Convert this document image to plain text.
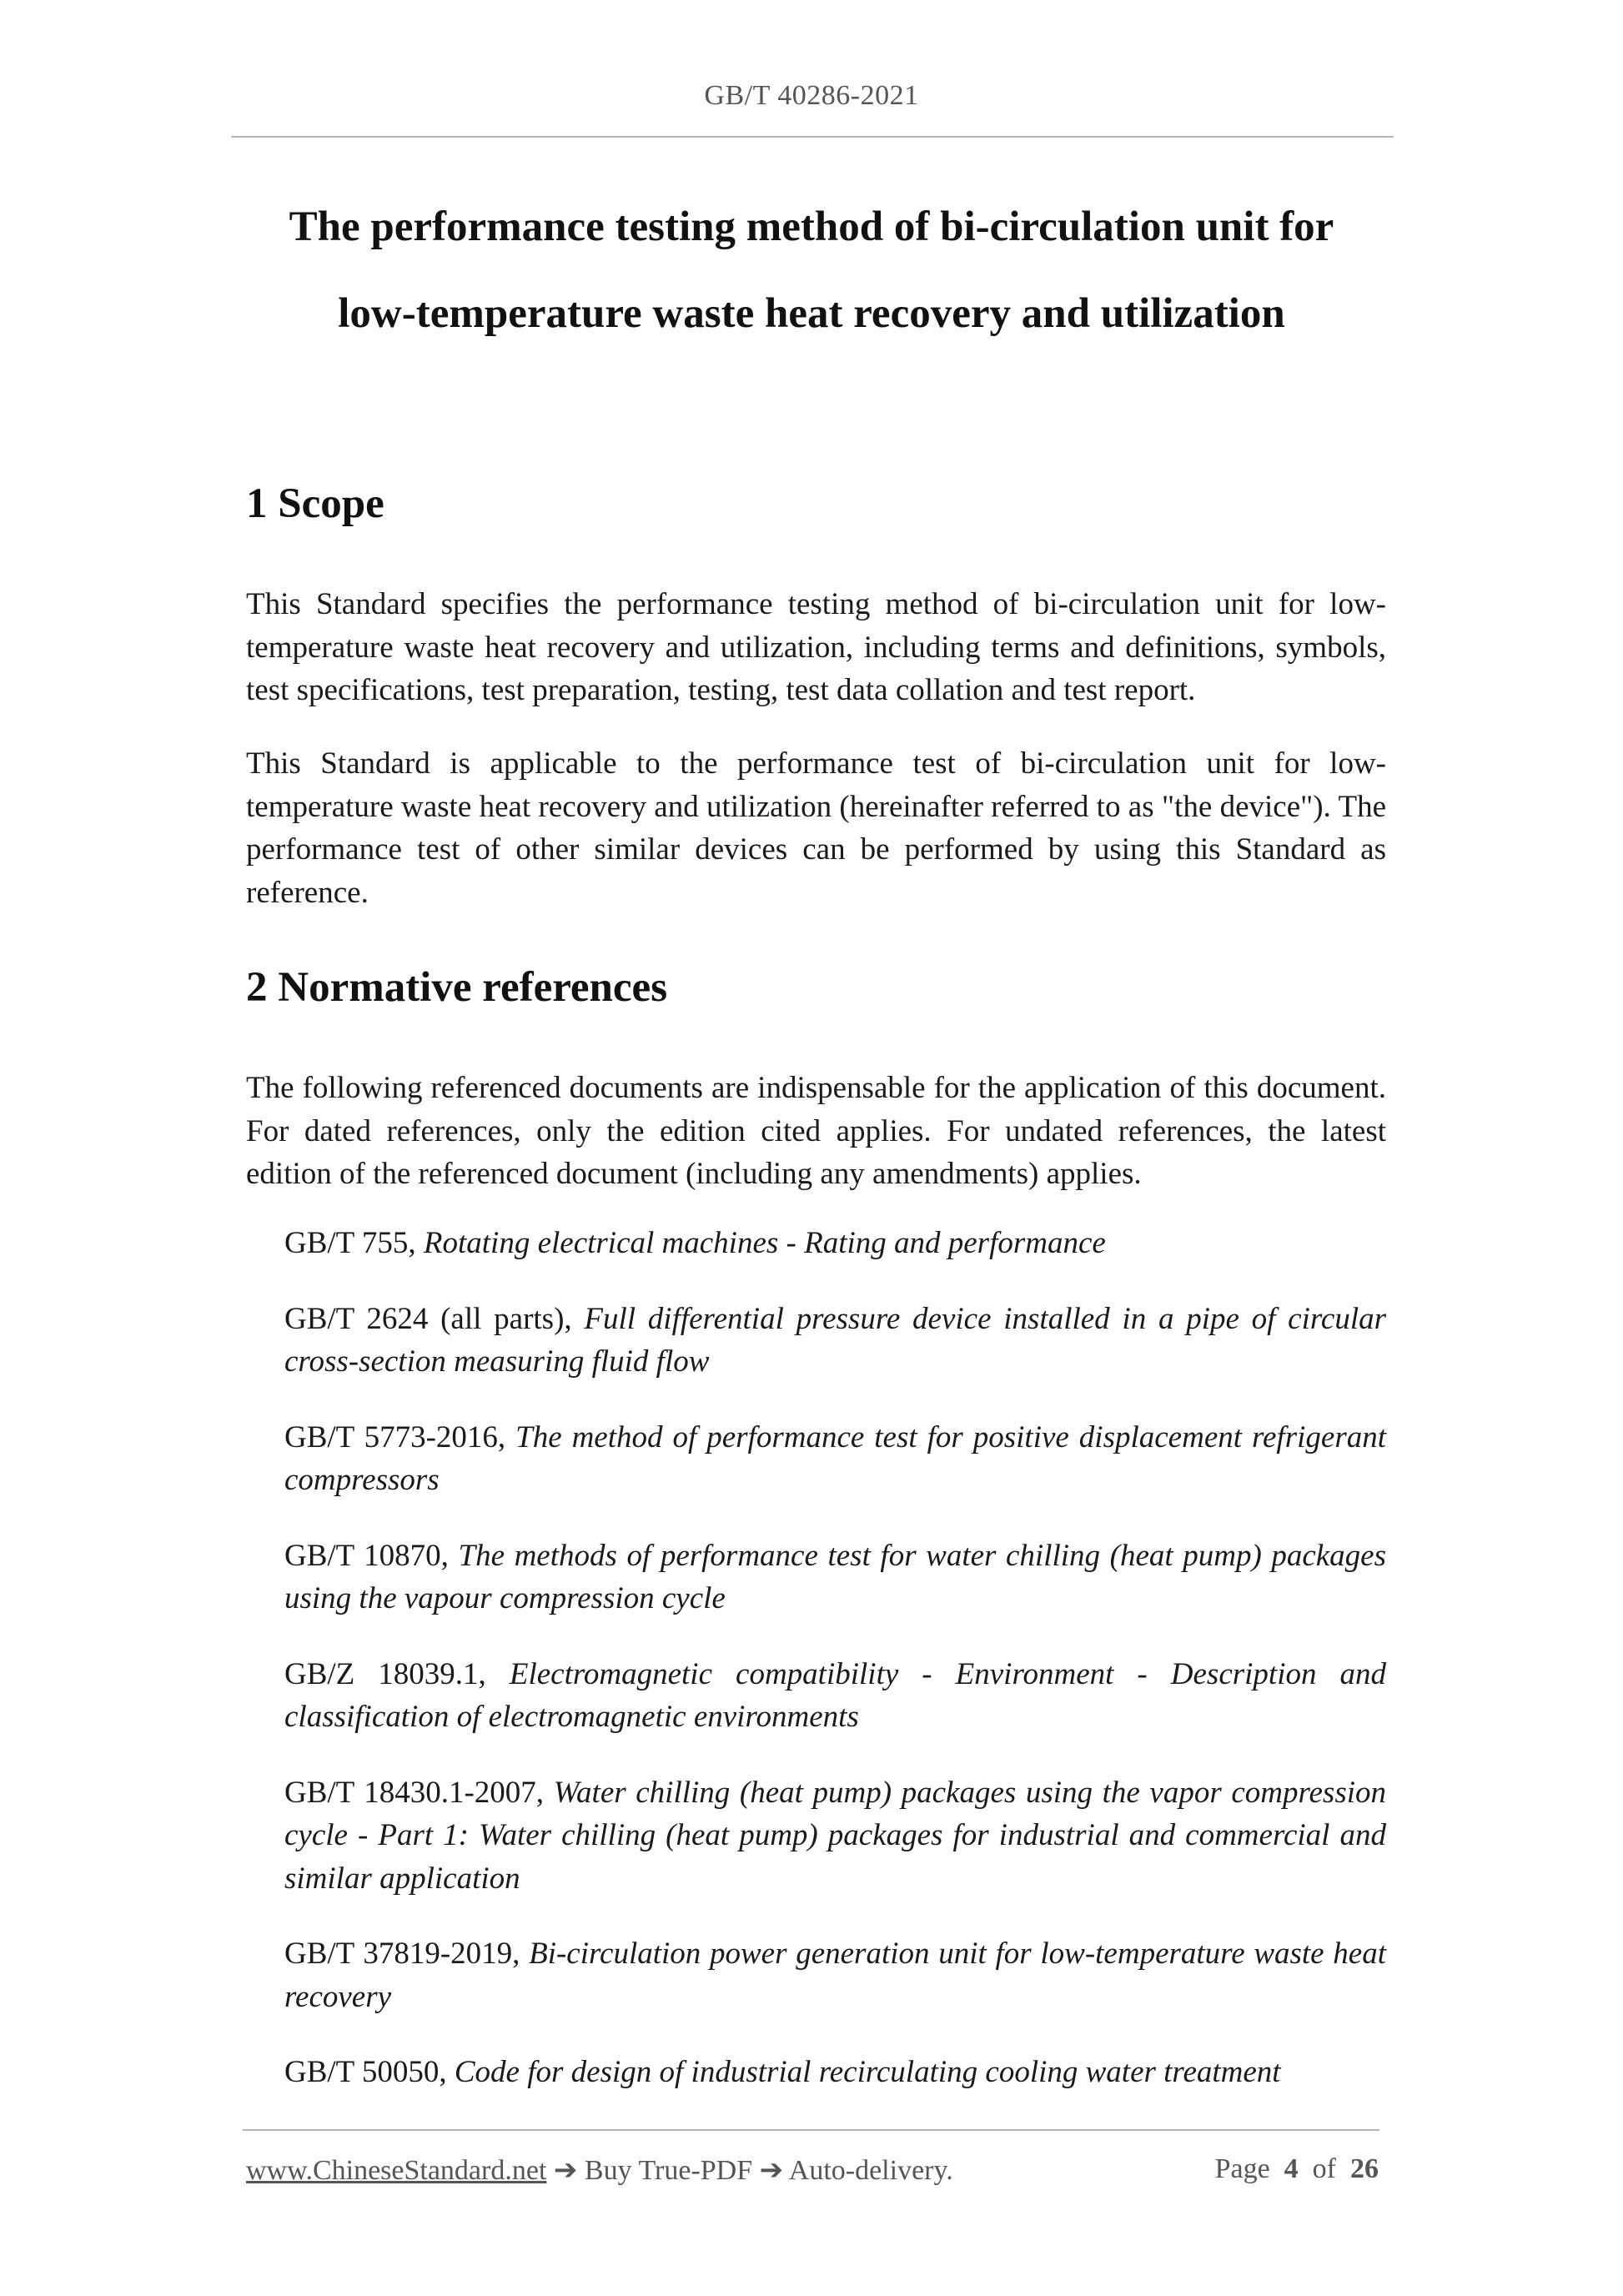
GB/T 40286-2021
The performance testing method of bi-circulation unit for
low-temperature waste heat recovery and utilization
1 Scope

This Standard specifies the performance testing method of bi-circulation unit for low-temperature waste heat recovery and utilization, including terms and definitions, symbols, test specifications, test preparation, testing, test data collation and test report.

This Standard is applicable to the performance test of bi-circulation unit for low-temperature waste heat recovery and utilization (hereinafter referred to as "the device"). The performance test of other similar devices can be performed by using this Standard as reference.

2 Normative references

The following referenced documents are indispensable for the application of this document. For dated references, only the edition cited applies. For undated references, the latest edition of the referenced document (including any amendments) applies.

GB/T 755, Rotating electrical machines - Rating and performance
GB/T 2624 (all parts), Full differential pressure device installed in a pipe of circular cross-section measuring fluid flow
GB/T 5773-2016, The method of performance test for positive displacement refrigerant compressors
GB/T 10870, The methods of performance test for water chilling (heat pump) packages using the vapour compression cycle
GB/Z 18039.1, Electromagnetic compatibility - Environment - Description and classification of electromagnetic environments
GB/T 18430.1-2007, Water chilling (heat pump) packages using the vapor compression cycle - Part 1: Water chilling (heat pump) packages for industrial and commercial and similar application
GB/T 37819-2019, Bi-circulation power generation unit for low-temperature waste heat recovery
GB/T 50050, Code for design of industrial recirculating cooling water treatment
www.ChineseStandard.net ➔ Buy True-PDF ➔ Auto-delivery.	Page 4 of 26
